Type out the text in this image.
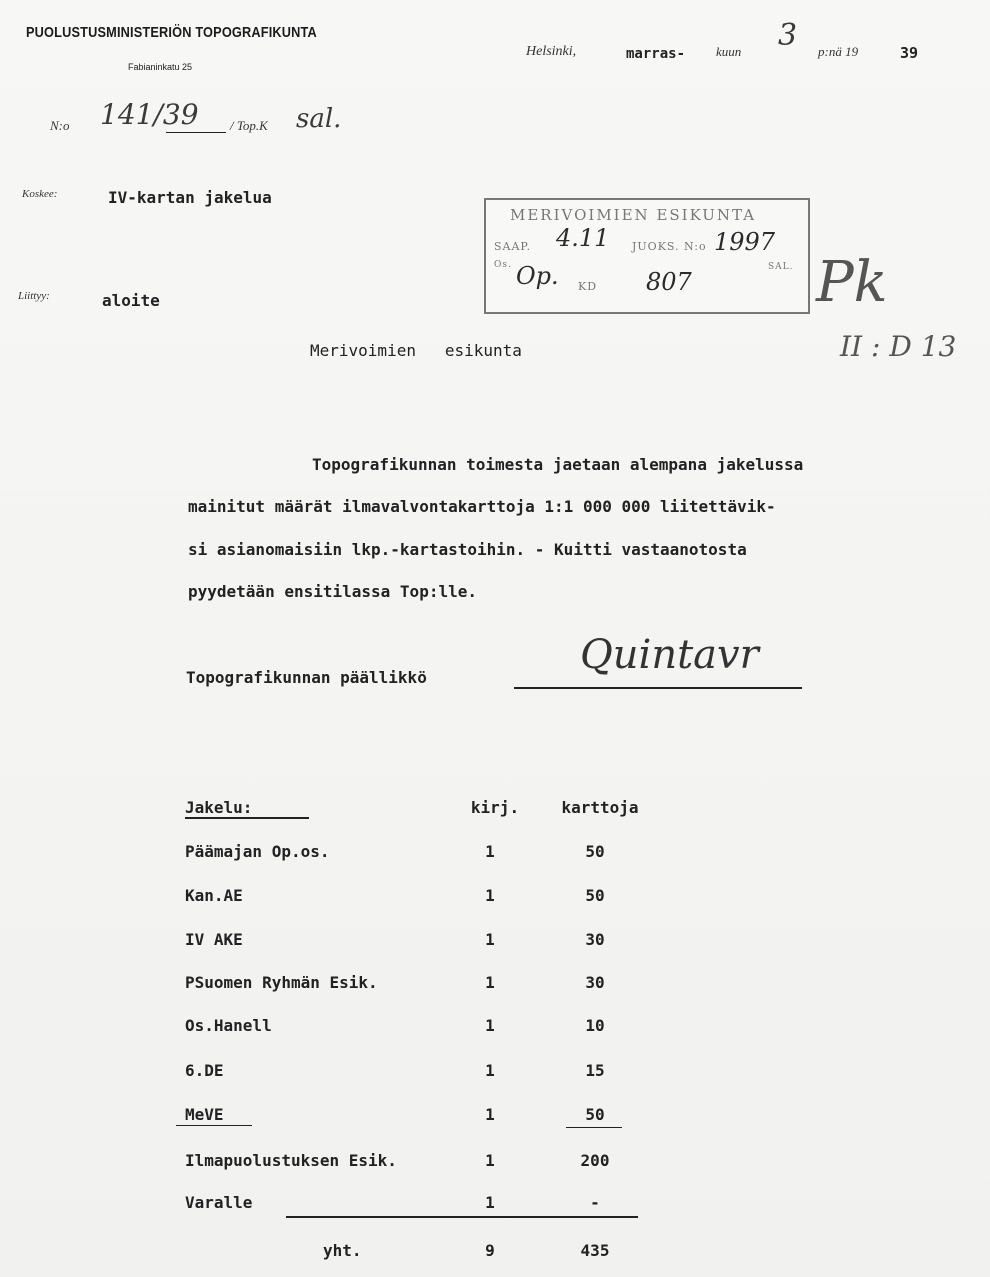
PUOLUSTUSMINISTERIÖN TOPOGRAFIKUNTA
Fabianinkatu 25
Helsinki,	marras- kuun 3 p:nä 19	39
N:o 141/39 / Top.K sal.
Koskee:	IV-kartan jakelua
Liittyy:	aloite
MERIVOIMIEN ESIKUNTA
SAAP. 4.11 JUOKS. N:o 1997
Os. Op. KD 807
SAL. Pk
II : D 13
Merivoimien   esikunta
Topografikunnan toimesta jaetaan alempana jakelussa
mainitut määrät ilmavalvontakarttoja 1:1 000 000 liitettävik-
si asianomaisiin lkp.-kartastoihin. - Kuitti vastaanotosta
pyydetään ensitilassa Top:lle.
Topografikunnan päällikkö	Quintavr
Jakelu:	kirj.	karttoja
Päämajan Op.os.	1	50
Kan.AE	1	50
IV AKE	1	30
PSuomen Ryhmän Esik.	1	30
Os.Hanell	1	10
6.DE	1	15
MeVE	1	50
Ilmapuolustuksen Esik.	1	200
Varalle	1	-
yht.	9	435
